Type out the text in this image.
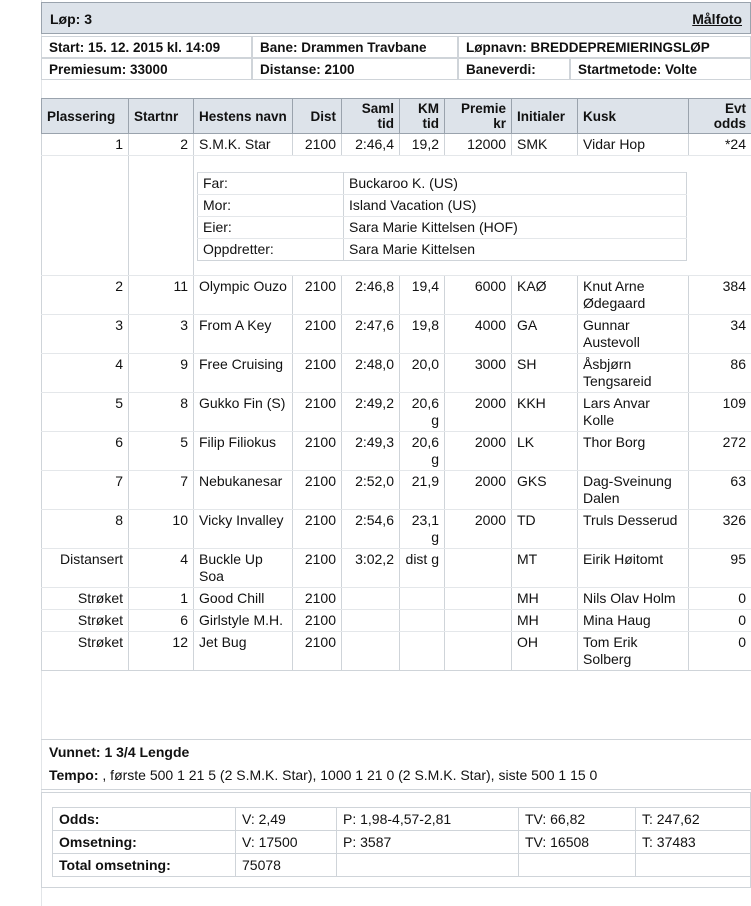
Løp: 3	Målfoto
Start: 15. 12. 2015 kl. 14:09	Bane: Drammen Travbane	Løpnavn: BREDDEPREMIERINGSLØP
Premiesum: 33000	Distanse: 2100	Baneverdi:	Startmetode: Volte
Plassering	Startnr	Hestens navn	Dist	Saml tid	KM tid	Premie kr	Initialer	Kusk	Evt odds
1	2	S.M.K. Star	2100	2:46,4	19,2	12000	SMK	Vidar Hop	*24

Far:	Buckaroo K. (US)
Mor:	Island Vacation (US)
Eier:	Sara Marie Kittelsen (HOF)
Oppdretter:	Sara Marie Kittelsen

2	11	Olympic Ouzo	2100	2:46,8	19,4	6000	KAØ	Knut Arne Ødegaard	384
3	3	From A Key	2100	2:47,6	19,8	4000	GA	Gunnar Austevoll	34
4	9	Free Cruising	2100	2:48,0	20,0	3000	SH	Åsbjørn Tengsareid	86
5	8	Gukko Fin (S)	2100	2:49,2	20,6 g	2000	KKH	Lars Anvar Kolle	109
6	5	Filip Filiokus	2100	2:49,3	20,6 g	2000	LK	Thor Borg	272
7	7	Nebukanesar	2100	2:52,0	21,9	2000	GKS	Dag-Sveinung Dalen	63
8	10	Vicky Invalley	2100	2:54,6	23,1 g	2000	TD	Truls Desserud	326
Distansert	4	Buckle Up Soa	2100	3:02,2	dist g		MT	Eirik Høitomt	95
Strøket	1	Good Chill	2100				MH	Nils Olav Holm	0
Strøket	6	Girlstyle M.H.	2100				MH	Mina Haug	0
Strøket	12	Jet Bug	2100				OH	Tom Erik Solberg	0
Vunnet: 1 3/4 Lengde
Tempo: , første 500 1 21 5 (2 S.M.K. Star), 1000 1 21 0 (2 S.M.K. Star), siste 500 1 15 0
Odds:	V: 2,49	P: 1,98-4,57-2,81	TV: 66,82	T: 247,62
Omsetning:	V: 17500	P: 3587	TV: 16508	T: 37483
Total omsetning:	75078			
